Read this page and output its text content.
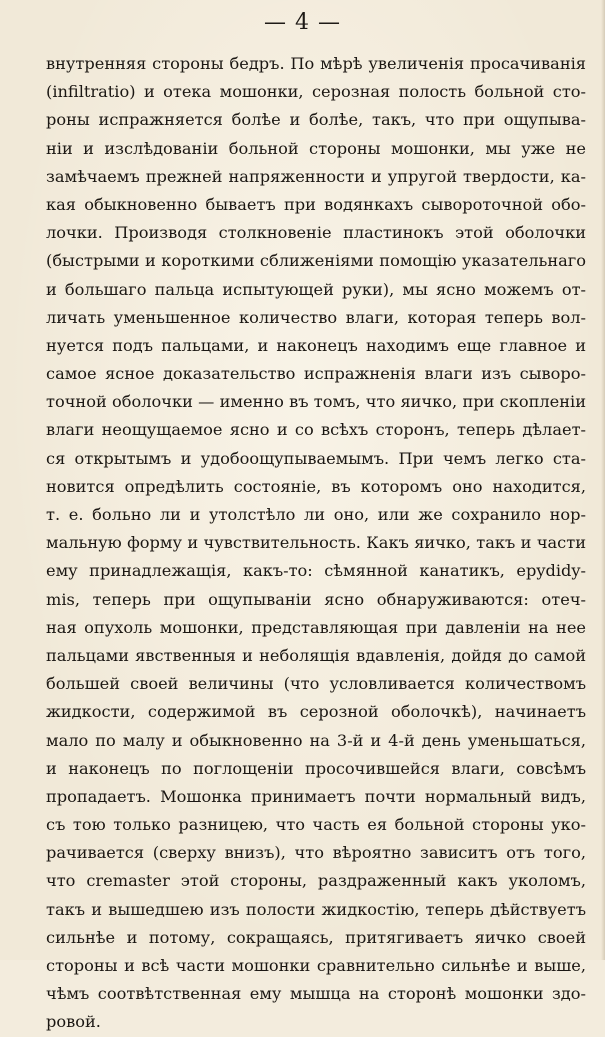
— 4 —
внутренняя стороны бедръ. По мѣрѣ увеличенія просачиванія
(infiltratio) и отека мошонки, серозная полость больной сто-
роны испражняется болѣе и болѣе, такъ, что при ощупыва-
ніи и изслѣдованіи больной стороны мошонки, мы уже не
замѣчаемъ прежней напряженности и упругой твердости, ка-
кая обыкновенно бываетъ при водянкахъ сывороточной обо-
лочки. Производя столкновеніе пластинокъ этой оболочки
(быстрыми и короткими сближеніями помощію указательнаго
и большаго пальца испытующей руки), мы ясно можемъ от-
личать уменьшенное количество влаги, которая теперь вол-
нуется подъ пальцами, и наконецъ находимъ еще главное и
самое ясное доказательство испражненія влаги изъ сыворо-
точной оболочки — именно въ томъ, что яичко, при скопленіи
влаги неощущаемое ясно и со всѣхъ сторонъ, теперь дѣлает-
ся открытымъ и удобоощупываемымъ. При чемъ легко ста-
новится опредѣлить состояніе, въ которомъ оно находится,
т. е. больно ли и утолстѣло ли оно, или же сохранило нор-
мальную форму и чувствительность. Какъ яичко, такъ и части
ему принадлежащія, какъ-то: сѣмянной канатикъ, epydidy-
mis, теперь при ощупываніи ясно обнаруживаются: отеч-
ная опухоль мошонки, представляющая при давленіи на нее
пальцами явственныя и неболящія вдавленія, дойдя до самой
большей своей величины (что условливается количествомъ
жидкости, содержимой въ серозной оболочкѣ), начинаетъ
мало по малу и обыкновенно на 3-й и 4-й день уменьшаться,
и наконецъ по поглощеніи просочившейся влаги, совсѣмъ
пропадаетъ. Мошонка принимаетъ почти нормальный видъ,
съ тою только разницею, что часть ея больной стороны уко-
рачивается (сверху внизъ), что вѣроятно зависитъ отъ того,
что cremaster этой стороны, раздраженный какъ уколомъ,
такъ и вышедшею изъ полости жидкостію, теперь дѣйствуетъ
сильнѣе и потому, сокращаясь, притягиваетъ яичко своей
стороны и всѣ части мошонки сравнительно сильнѣе и выше,
чѣмъ соотвѣтственная ему мышца на сторонѣ мошонки здо-
ровой.
